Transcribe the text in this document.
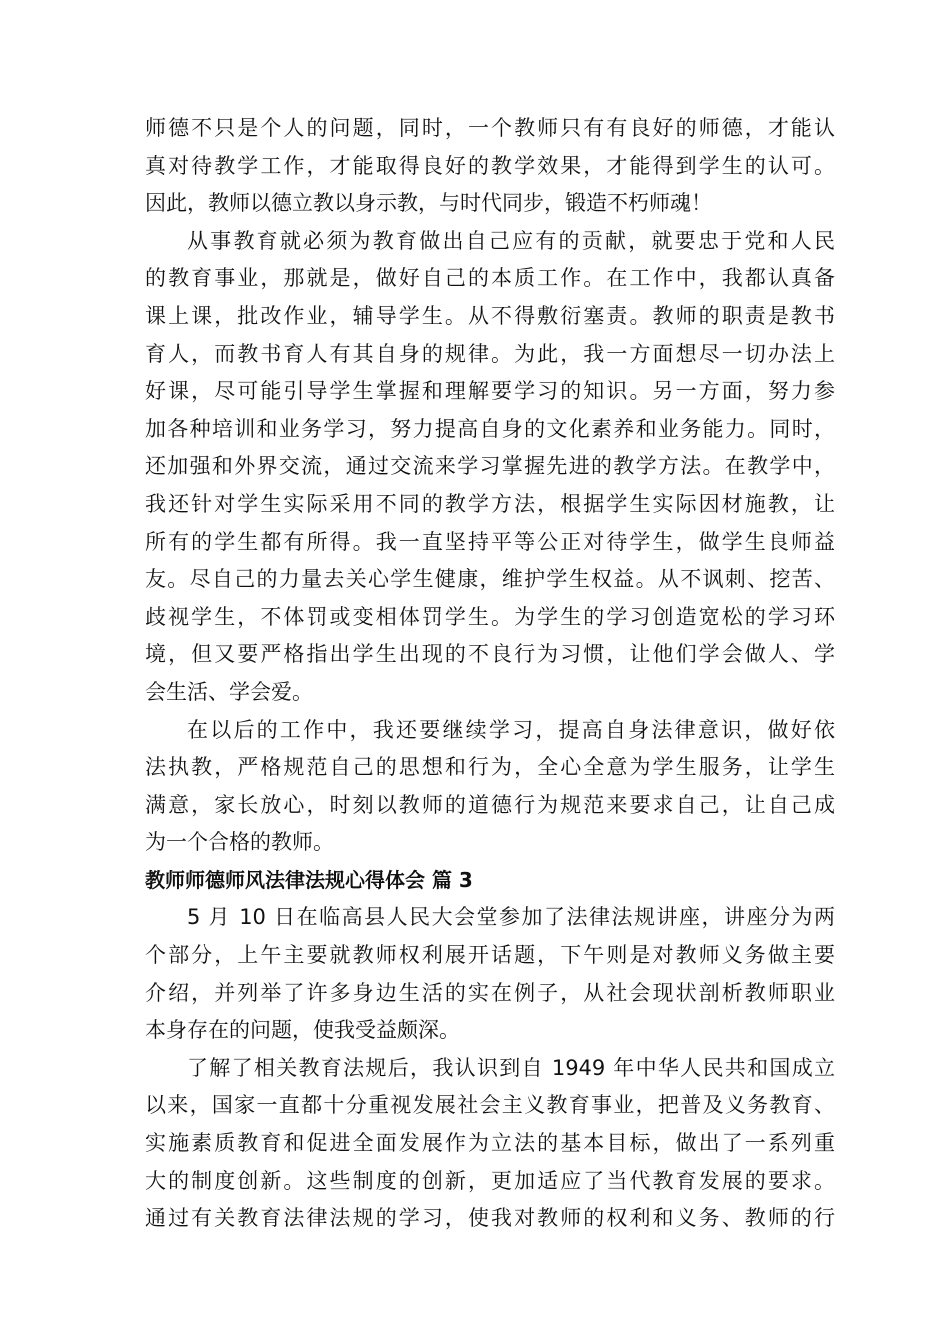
师德不只是个人的问题，同时，一个教师只有有良好的师德，才能认
真对待教学工作，才能取得良好的教学效果，才能得到学生的认可。
因此，教师以德立教以身示教，与时代同步，锻造不朽师魂！
从事教育就必须为教育做出自己应有的贡献，就要忠于党和人民
的教育事业，那就是，做好自己的本质工作。在工作中，我都认真备
课上课，批改作业，辅导学生。从不得敷衍塞责。教师的职责是教书
育人，而教书育人有其自身的规律。为此，我一方面想尽一切办法上
好课，尽可能引导学生掌握和理解要学习的知识。另一方面，努力参
加各种培训和业务学习，努力提高自身的文化素养和业务能力。同时，
还加强和外界交流，通过交流来学习掌握先进的教学方法。在教学中，
我还针对学生实际采用不同的教学方法，根据学生实际因材施教，让
所有的学生都有所得。我一直坚持平等公正对待学生，做学生良师益
友。尽自己的力量去关心学生健康，维护学生权益。从不讽刺、挖苦、
歧视学生，不体罚或变相体罚学生。为学生的学习创造宽松的学习环
境，但又要严格指出学生出现的不良行为习惯，让他们学会做人、学
会生活、学会爱。
在以后的工作中，我还要继续学习，提高自身法律意识，做好依
法执教，严格规范自己的思想和行为，全心全意为学生服务，让学生
满意，家长放心，时刻以教师的道德行为规范来要求自己，让自己成
为一个合格的教师。
教师师德师风法律法规心得体会 篇 3
5 月 10 日在临高县人民大会堂参加了法律法规讲座，讲座分为两
个部分，上午主要就教师权利展开话题，下午则是对教师义务做主要
介绍，并列举了许多身边生活的实在例子，从社会现状剖析教师职业
本身存在的问题，使我受益颇深。
了解了相关教育法规后，我认识到自 1949 年中华人民共和国成立
以来，国家一直都十分重视发展社会主义教育事业，把普及义务教育、
实施素质教育和促进全面发展作为立法的基本目标，做出了一系列重
大的制度创新。这些制度的创新，更加适应了当代教育发展的要求。
通过有关教育法律法规的学习，使我对教师的权利和义务、教师的行
